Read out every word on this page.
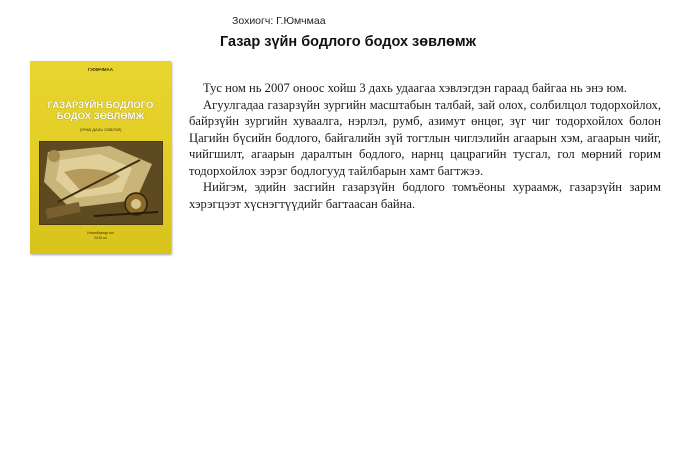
Зохиогч: Г.Юмчмаа
Газар зүйн бодлого бодох зөвлөмж
Г.ЮМЧМАА
ГАЗАРЗҮЙН БОДЛОГО
БОДОХ ЗӨВЛӨМЖ
(УРАВ ДАХЬ ХЭВЛЭЛ)
Улаанбаатар хот
2015 он

Тус ном нь 2007 оноос хойш 3 дахь удаагаа хэвлэгдэн гараад байгаа нь энэ юм.

Агуулгадаа газарзүйн зургийн масштабын талбай, зай олох, солбилцол тодорхойлох, байрзүйн зургийн хуваалга, нэрлэл, румб, азимут өнцөг, зүг чиг тодорхойлох болон Цагийн бүсийн бодлого, байгалийн зүй тогтлын чиглэлийн агаарын хэм, агаарын чийг, чийгшилт, агаарын даралтын бодлого, нарнц цацрагийн тусгал, гол мөрний горим тодорхойлох зэрэг бодлогууд тайлбарын хамт багтжээ.

Нийгэм, эдийн засгийн газарзүйн бодлого томъёоны хураамж, газарзүйн зарим хэрэгцээт хүснэгтүүдийг багтаасан байна.
